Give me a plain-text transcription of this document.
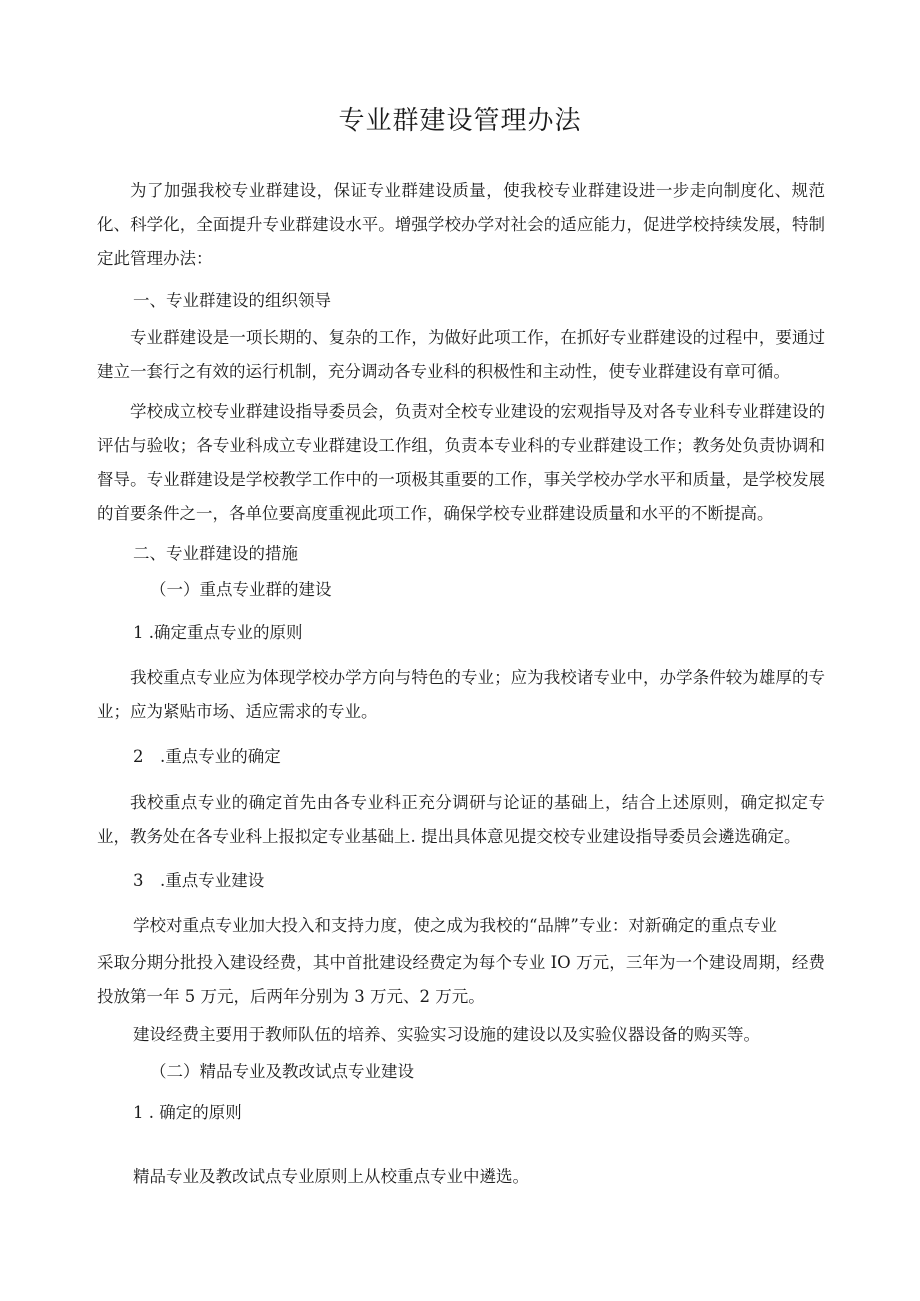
专业群建设管理办法

为了加强我校专业群建设，保证专业群建设质量，使我校专业群建设进一步走向制度化、规范化、科学化，全面提升专业群建设水平。增强学校办学对社会的适应能力，促进学校持续发展，特制定此管理办法：

一、专业群建设的组织领导

专业群建设是一项长期的、复杂的工作，为做好此项工作，在抓好专业群建设的过程中，要通过建立一套行之有效的运行机制，充分调动各专业科的积极性和主动性，使专业群建设有章可循。

学校成立校专业群建设指导委员会，负责对全校专业建设的宏观指导及对各专业科专业群建设的评估与验收；各专业科成立专业群建设工作组，负责本专业科的专业群建设工作；教务处负责协调和督导。专业群建设是学校教学工作中的一项极其重要的工作，事关学校办学水平和质量，是学校发展的首要条件之一，各单位要高度重视此项工作，确保学校专业群建设质量和水平的不断提高。

二、专业群建设的措施

（一）重点专业群的建设

1 .确定重点专业的原则

我校重点专业应为体现学校办学方向与特色的专业；应为我校诸专业中，办学条件较为雄厚的专业；应为紧贴市场、适应需求的专业。

2　.重点专业的确定

我校重点专业的确定首先由各专业科正充分调研与论证的基础上，结合上述原则，确定拟定专业，教务处在各专业科上报拟定专业基础上. 提出具体意见提交校专业建设指导委员会遴选确定。

3　.重点专业建设

学校对重点专业加大投入和支持力度，使之成为我校的“品牌”专业：对新确定的重点专业

采取分期分批投入建设经费，其中首批建设经费定为每个专业 IO 万元，三年为一个建设周期，经费投放第一年 5 万元，后两年分别为 3 万元、2 万元。

建设经费主要用于教师队伍的培养、实验实习设施的建设以及实验仪器设备的购买等。

（二）精品专业及教改试点专业建设

1 . 确定的原则

精品专业及教改试点专业原则上从校重点专业中遴选。
